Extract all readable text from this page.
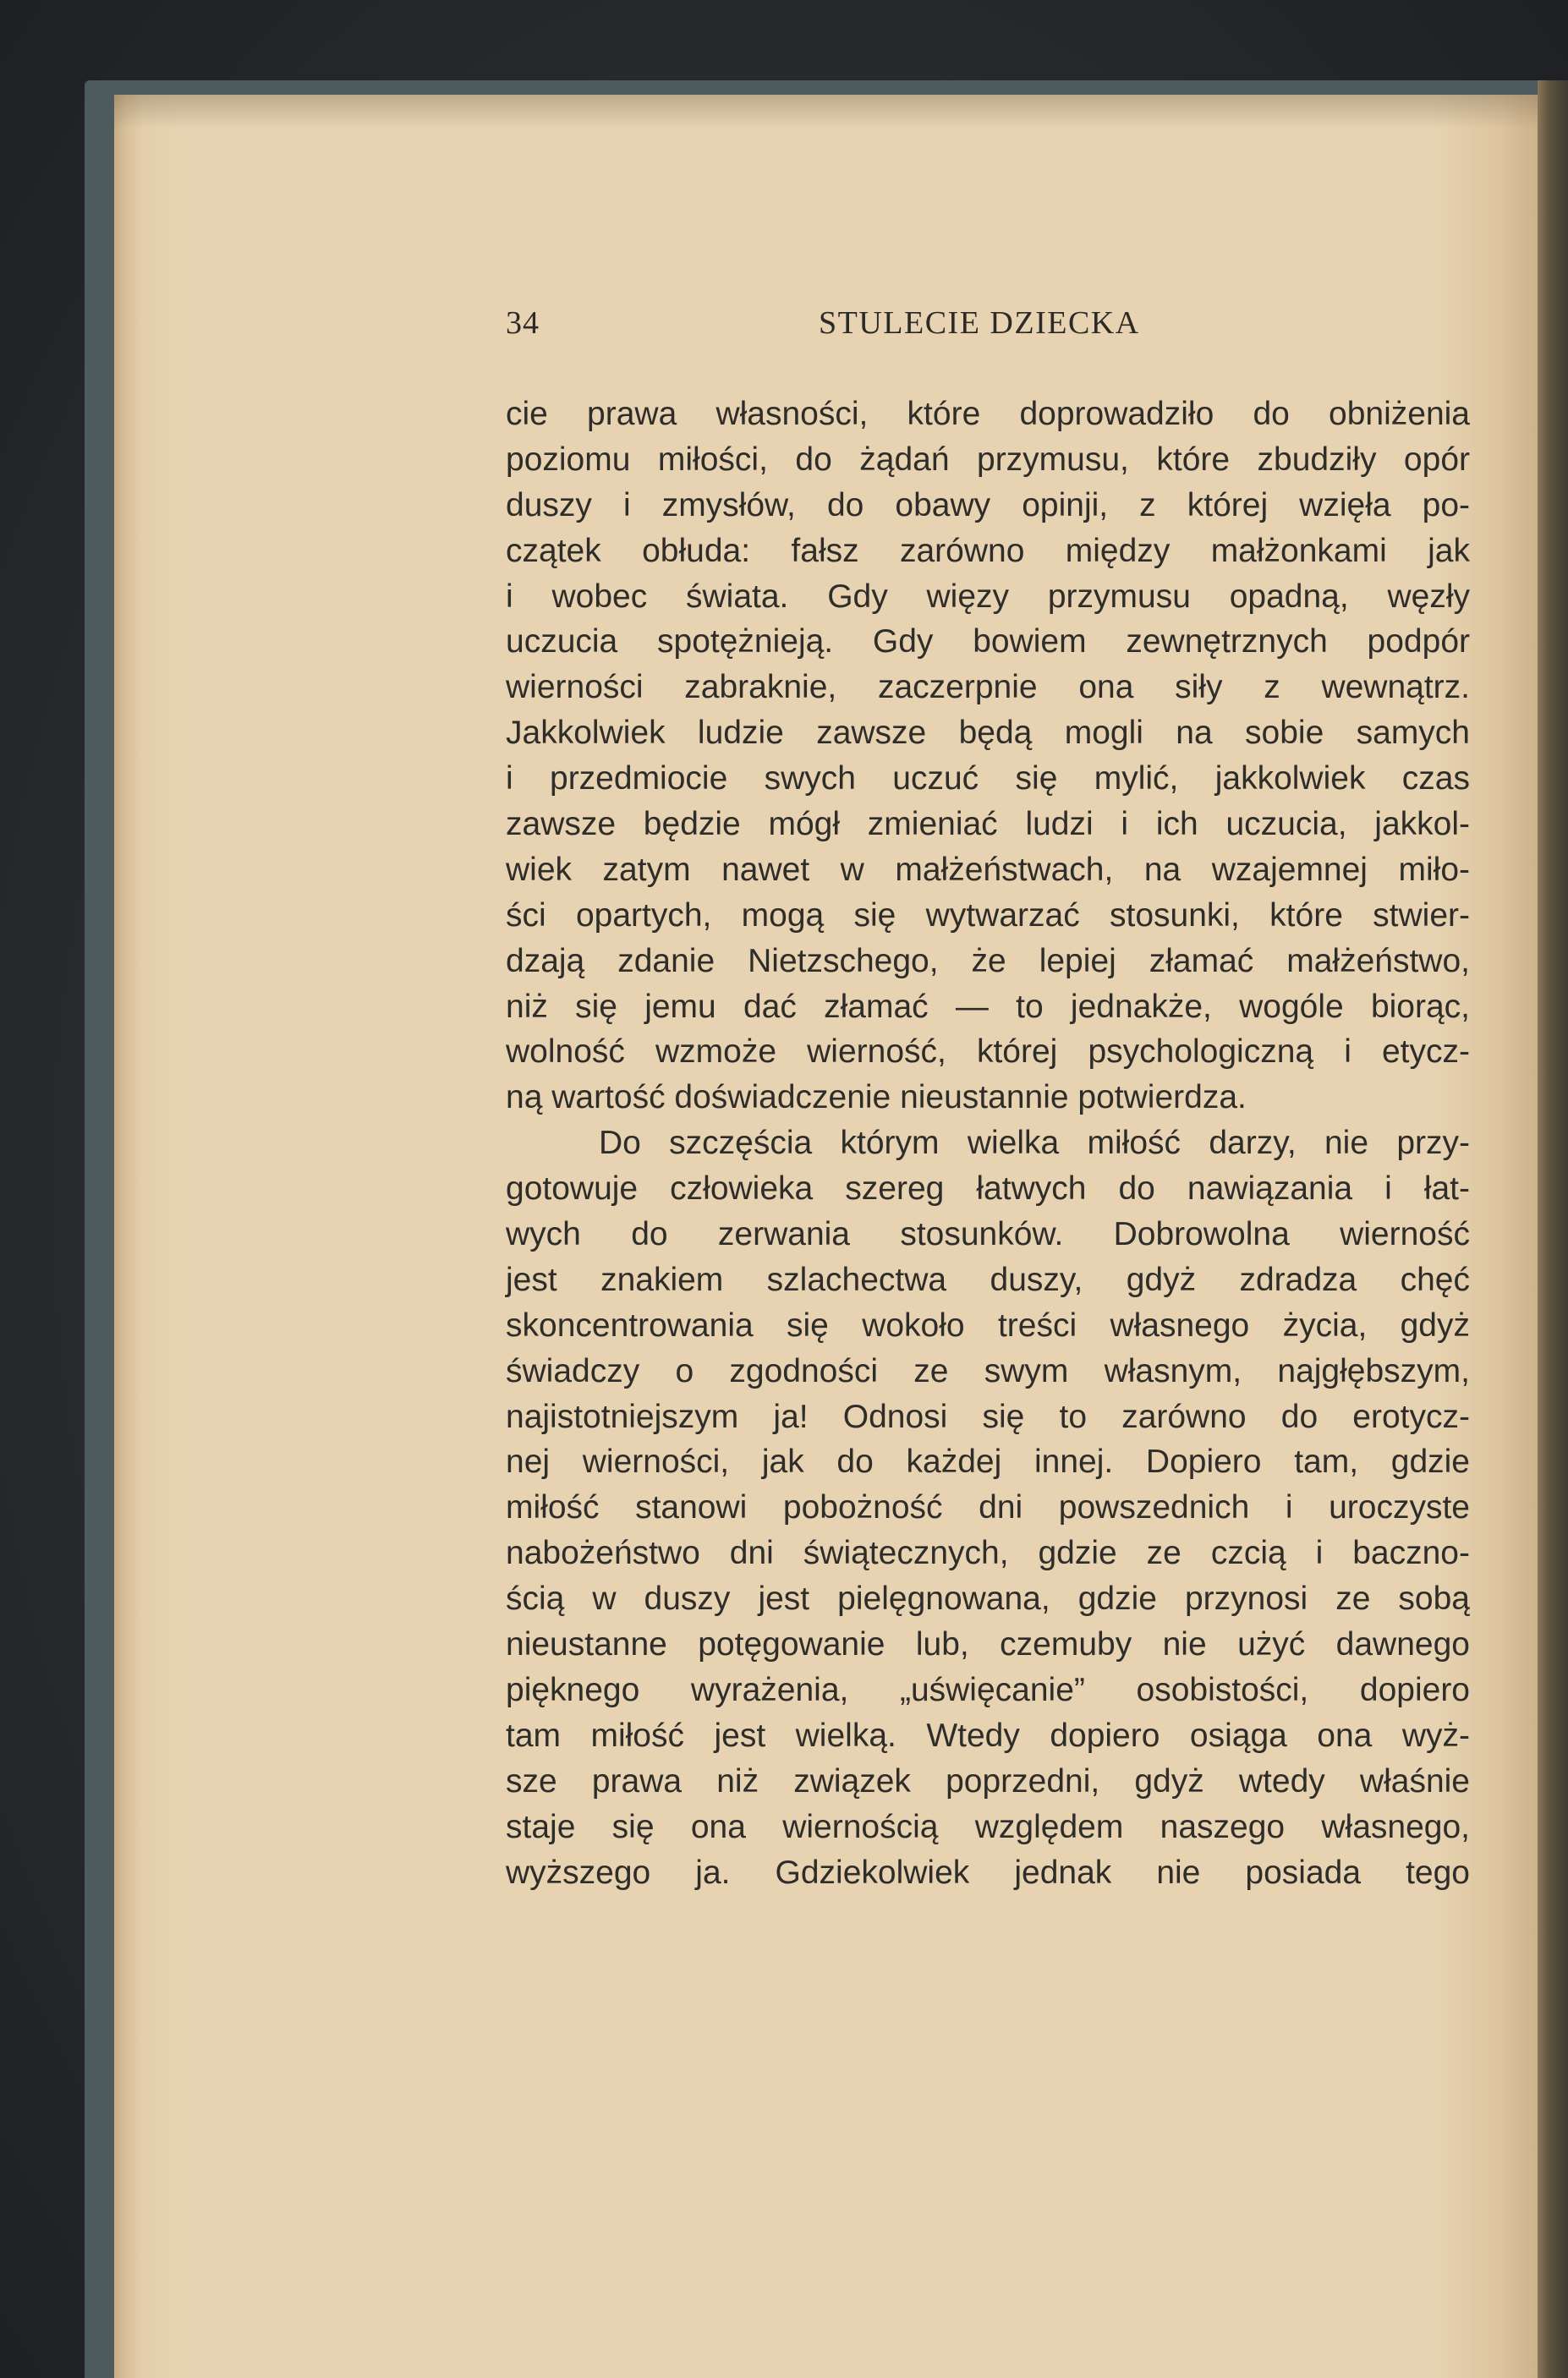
34	STULECIE DZIECKA
cie prawa własności, które doprowadziło do obniżenia
poziomu miłości, do żądań przymusu, które zbudziły opór
duszy i zmysłów, do obawy opinji, z której wzięła po-
czątek obłuda: fałsz zarówno między małżonkami jak
i wobec świata. Gdy więzy przymusu opadną, węzły
uczucia spotężnieją. Gdy bowiem zewnętrznych podpór
wierności zabraknie, zaczerpnie ona siły z wewnątrz.
Jakkolwiek ludzie zawsze będą mogli na sobie samych
i przedmiocie swych uczuć się mylić, jakkolwiek czas
zawsze będzie mógł zmieniać ludzi i ich uczucia, jakkol-
wiek zatym nawet w małżeństwach, na wzajemnej miło-
ści opartych, mogą się wytwarzać stosunki, które stwier-
dzają zdanie Nietzschego, że lepiej złamać małżeństwo,
niż się jemu dać złamać — to jednakże, wogóle biorąc,
wolność wzmoże wierność, której psychologiczną i etycz-
ną wartość doświadczenie nieustannie potwierdza.
Do szczęścia którym wielka miłość darzy, nie przy-
gotowuje człowieka szereg łatwych do nawiązania i łat-
wych do zerwania stosunków. Dobrowolna wierność
jest znakiem szlachectwa duszy, gdyż zdradza chęć
skoncentrowania się wokoło treści własnego życia, gdyż
świadczy o zgodności ze swym własnym, najgłębszym,
najistotniejszym ja! Odnosi się to zarówno do erotycz-
nej wierności, jak do każdej innej. Dopiero tam, gdzie
miłość stanowi pobożność dni powszednich i uroczyste
nabożeństwo dni świątecznych, gdzie ze czcią i baczno-
ścią w duszy jest pielęgnowana, gdzie przynosi ze sobą
nieustanne potęgowanie lub, czemuby nie użyć dawnego
pięknego wyrażenia, „uświęcanie” osobistości, dopiero
tam miłość jest wielką. Wtedy dopiero osiąga ona wyż-
sze prawa niż związek poprzedni, gdyż wtedy właśnie
staje się ona wiernością względem naszego własnego,
wyższego ja. Gdziekolwiek jednak nie posiada tego
